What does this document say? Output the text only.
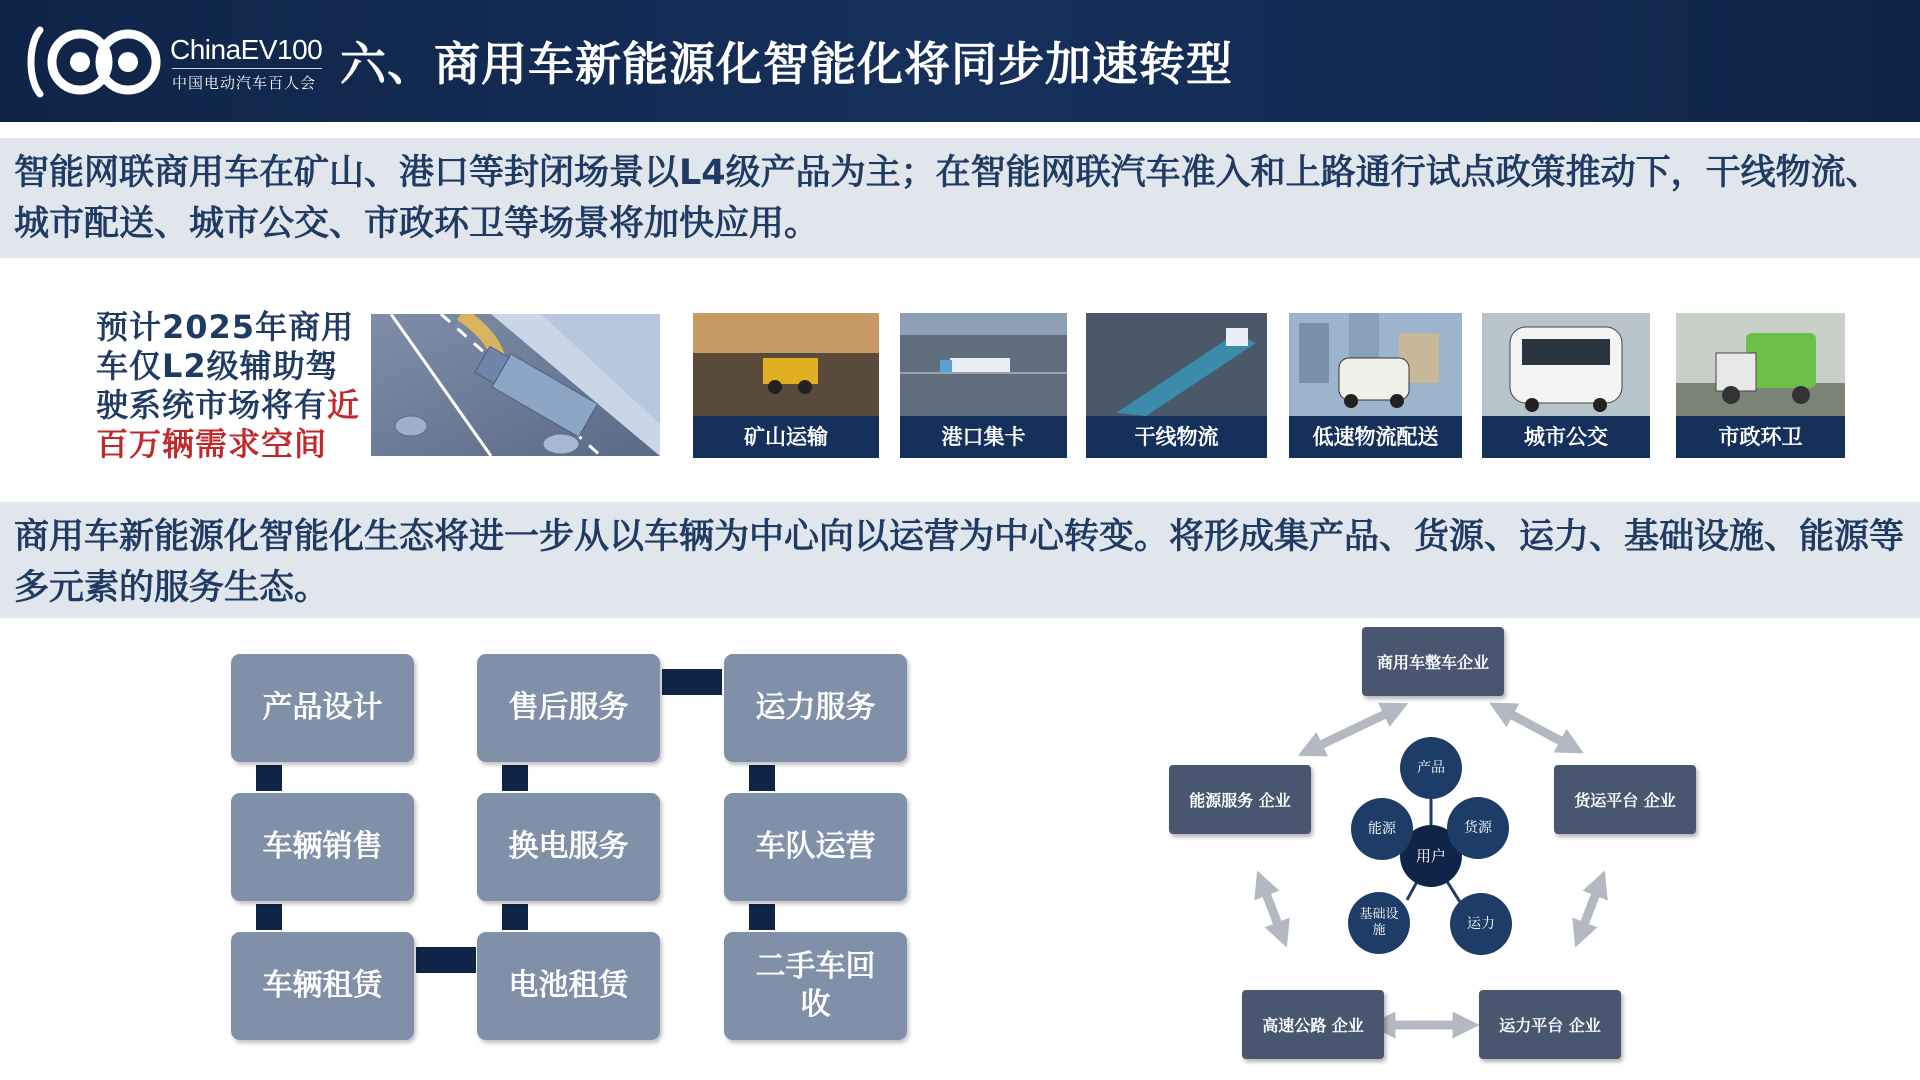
ChinaEV100
中国电动汽车百人会 六、商用车新能源化智能化将同步加速转型
智能网联商用车在矿山、港口等封闭场景以L4级产品为主；在智能网联汽车准入和上路通行试点政策推动下，干线物流、城市配送、城市公交、市政环卫等场景将加快应用。
预计2025年商用车仅L2级辅助驾驶系统市场将有近百万辆需求空间	矿山运输	港口集卡	干线物流	低速物流配送	城市公交	市政环卫
商用车新能源化智能化生态将进一步从以车辆为中心向以运营为中心转变。将形成集产品、货源、运力、基础设施、能源等多元素的服务生态。
产品设计	售后服务	运力服务
车辆销售	换电服务	车队运营
车辆租赁	电池租赁
二手车回收
商用车整车企业
能源服务 企业	货运平台 企业
高速公路 企业	运力平台 企业
用户
产品
能源	货源
基础设施	运力
